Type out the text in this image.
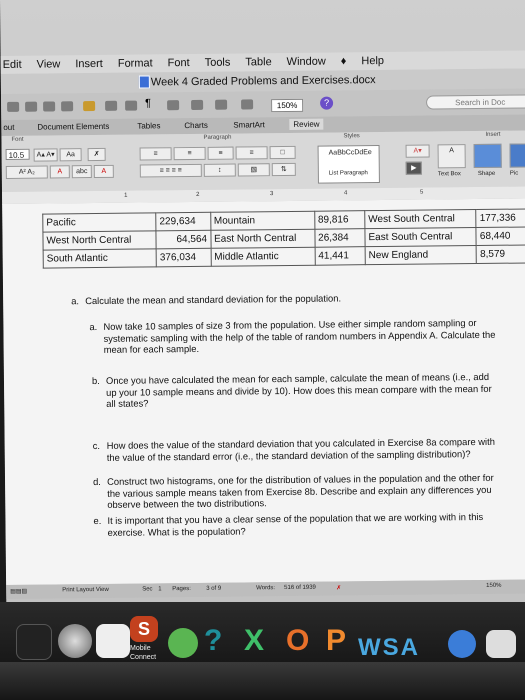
Edit View Insert Format Font Tools Table Window ♦ Help
Week 4 Graded Problems and Exercises.docx
¶	150%	?	Search in Doc
out	Document Elements	Tables	Charts	SmartArt	Review
Font	Paragraph	Styles	Insert
10.5	A▴ A▾	Aa	✗
A² A₂	A	abc	A
≡	≡	≡	≡	□
≡ ≡ ≡ ≡	↕	▧	⇅
AaBbCcDdEe
List Paragraph
A▾
▶
A
Text Box	Shape Pic
1	2	3	4	5
Pacific	229,634	Mountain	89,816	West South Central	177,336
West North Central	64,564	East North Central	26,384	East South Central	68,440
South Atlantic	376,034	Middle Atlantic	41,441	New England	8,579
a. Calculate the mean and standard deviation for the population.
a. Now take 10 samples of size 3 from the population. Use either simple random sampling or systematic sampling with the help of the table of random numbers in Appendix A. Calculate the mean for each sample.
b. Once you have calculated the mean for each sample, calculate the mean of means (i.e., add up your 10 sample means and divide by 10). How does this mean compare with the mean for all states?
c. How does the value of the standard deviation that you calculated in Exercise 8a compare with the value of the standard error (i.e., the standard deviation of the sampling distribution)?
d. Construct two histograms, one for the distribution of values in the population and the other for the various sample means taken from Exercise 8b. Describe and explain any differences you observe between the two distributions.
e. It is important that you have a clear sense of the population that we are working with in this exercise. What is the population?
▤▤▤	Print Layout View	Sec 1 Pages:	3 of 9	Words: 516 of 1939	✗	150%
S
Mobile Connect
? X O P WSA
